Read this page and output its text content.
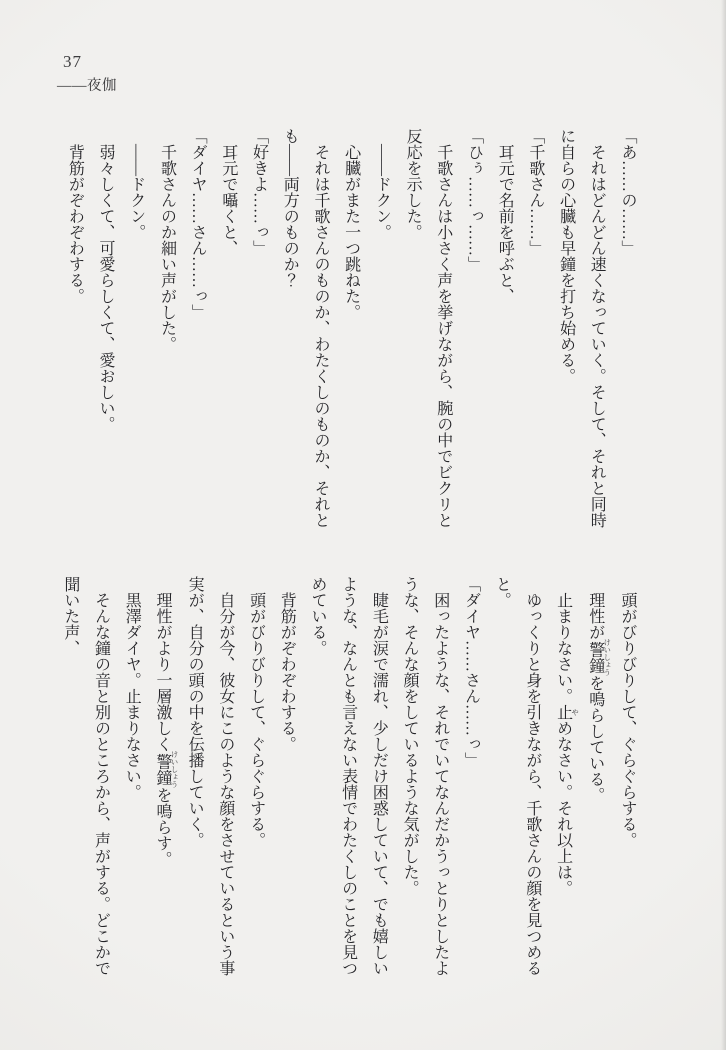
37
——夜伽

「あ……の……」

それはどんどん速くなっていく。そして、それと同時に自らの心臓も早鐘を打ち始める。

「千歌さん……」

耳元で名前を呼ぶと、

「ひぅ……っ……」

千歌さんは小さく声を挙げながら、腕の中でビクリと反応を示した。

——ドクン。

心臓がまた一つ跳ねた。

それは千歌さんのものか、わたくしのものか、それとも——両方のものか？

「好きよ……っ」

耳元で囁くと、

「ダイヤ……さん……っ」

千歌さんのか細い声がした。

——ドクン。

弱々しくて、可愛らしくて、愛おしい。

背筋がぞわぞわする。

頭がびりびりして、ぐらぐらする。

理性が警鐘 けいしょうを鳴らしている。

止まりなさい。止 やめなさい。それ以上は。

ゆっくりと身を引きながら、千歌さんの顔を見つめると。

「ダイヤ……さん……っ」

困ったような、それでいてなんだかうっとりとしたような、そんな顔をしているような気がした。

睫毛が涙で濡れ、少しだけ困惑していて、でも嬉しいような、なんとも言えない表情でわたくしのことを見つめている。

背筋がぞわぞわする。

頭がびりびりして、ぐらぐらする。

自分が今、彼女にこのような顔をさせているという事実が、自分の頭の中を伝播していく。

理性がより一層激しく警鐘 けいしょうを鳴らす。

黒澤ダイヤ。止まりなさい。

そんな鐘の音と別のところから、声がする。どこかで聞いた声、
